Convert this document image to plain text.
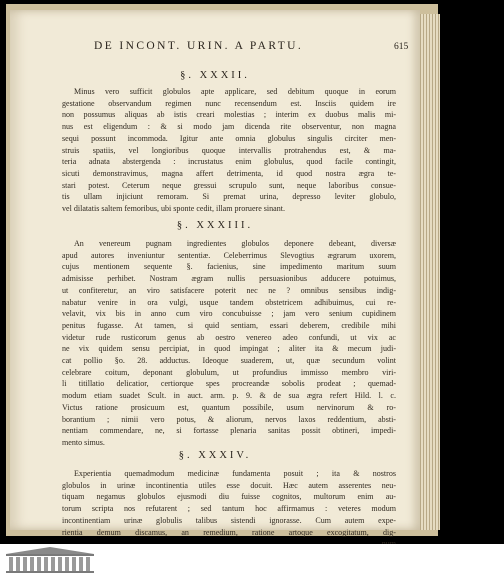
DE INCONT. URIN. A PARTU.	615
§. XXXII.
Minus vero sufficit globulos apte applicare, sed debitum quoque in eorum
gestatione observandum regimen nunc recensendum est. Insciis quidem ire
non possumus aliquas ab istis creari molestias ; interim ex duobus malis mi-
nus est eligendum : & si modo jam dicenda rite observentur, non magna
sequi possunt incommoda. Igitur ante omnia globulus singulis circiter men-
struis spatiis, vel longioribus quoque intervallis protrahendus est, & ma-
teria adnata abstergenda : incrustatus enim globulus, quod facile contingit,
sicuti demonstravimus, magna affert detrimenta, id quod nostra ægra te-
stari potest. Ceterum neque gressui scrupulo sunt, neque laboribus consue-
tis ullam injiciunt remoram. Si premat urina, depresso leviter globulo,
vel dilatatis saltem femoribus, ubi sponte cedit, illam proruere sinant.
§. XXXIII.
An venereum pugnam ingredientes globulos deponere debeant, diversæ
apud autores inveniuntur sententiæ. Celeberrimus Slevogtius ægrarum uxorem,
cujus mentionem sequente §. facienius, sine impedimento maritum suum
admisisse perhibet. Nostram ægram nullis persuasionibus adducere potuimus,
ut confiteretur, an viro satisfacere poterit nec ne ? omnibus sensibus indig-
nabatur venire in ora vulgi, usque tandem obstetricem adhibuimus, cui re-
velavit, vix bis in anno cum viro concubuisse ; jam vero senium cupidinem
penitus fugasse. At tamen, si quid sentiam, essari deberem, credibile mihi
videtur rude rusticorum genus ab oestro venereo adeo confundi, ut vix ac
ne vix quidem sensu percipiat, in quod impingat ; aliter ita & mecum judi-
cat pollio §o. 28. adductus. Ideoque suaderem, ut, quæ secundum volint
celebrare coitum, deponant globulum, ut profundius immisso membro viri-
li titillatio delicatior, certiorque spes procreandæ sobolis prodeat ; quemad-
modum etiam suadet Scult. in auct. arm. p. 9. & de sua ægra refert Hild. l. c.
Victus ratione prosicuum est, quantum possibile, usum nervinorum & ro-
borantium ; nimii vero potus, & aliorum, nervos laxos reddentium, absti-
nentiam commendare, ne, si fortasse plenaria sanitas possit obtineri, impedi-
mento simus.
§. XXXIV.
Experientia quemadmodum medicinæ fundamenta posuit ; ita & nostros
globulos in urinæ incontinentia utiles esse docuit. Hæc autem asserentes neu-
tiquam negamus globulos ejusmodi diu fuisse cognitos, multorum enim au-
torum scripta nos refutarent ; sed tantum hoc affirmamus : veteres modum
incontinentiam urinæ globulis talibus sistendi ignorasse. Cum autem expe-
rientia demum discamus, an remedium, ratione artoque excogitatum, dig-
